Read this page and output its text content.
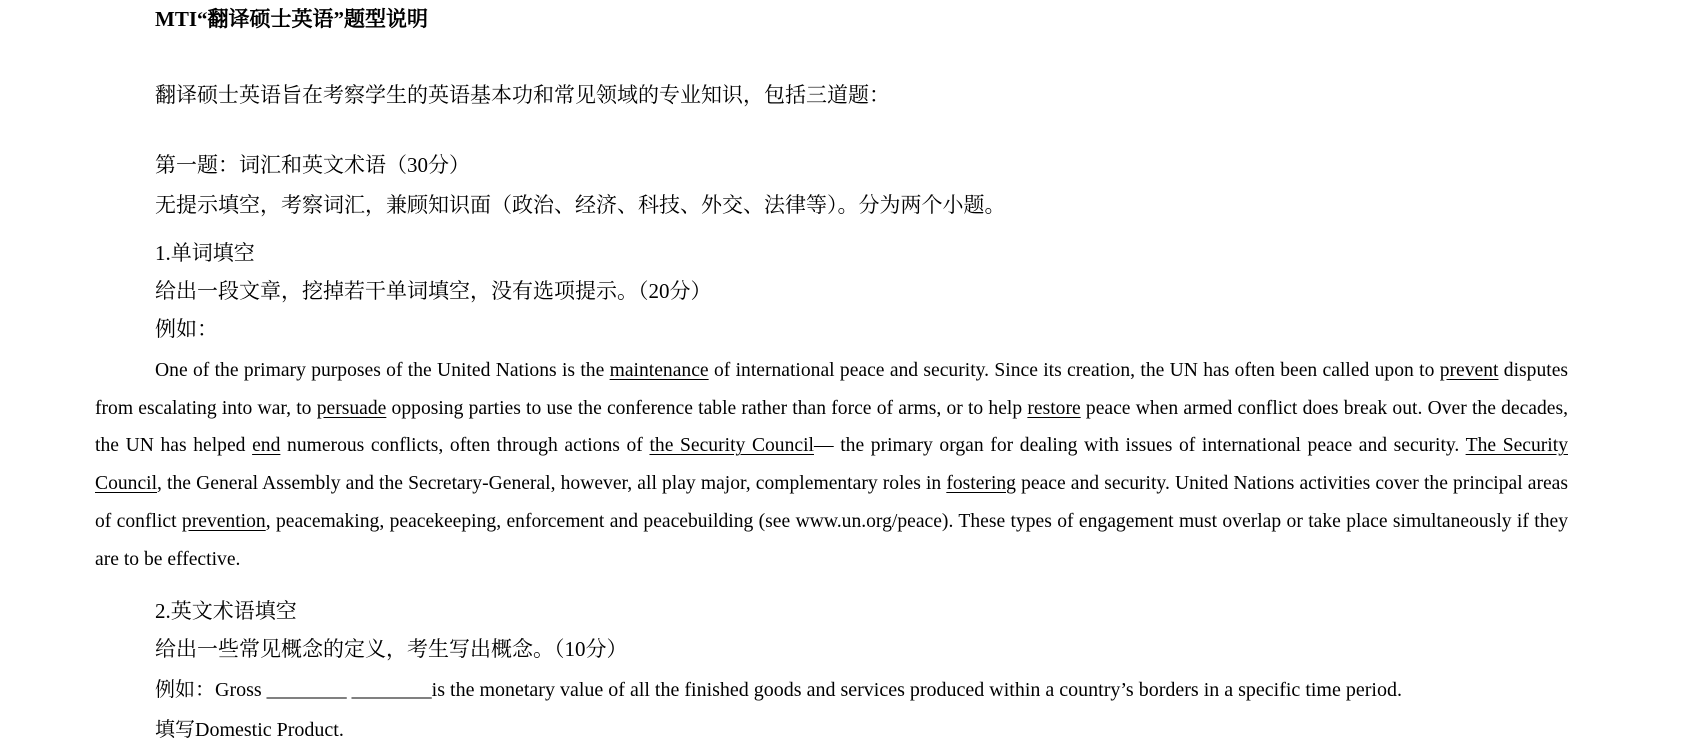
MTI“翻译硕士英语”题型说明

翻译硕士英语旨在考察学生的英语基本功和常见领域的专业知识，包括三道题：

第一题：词汇和英文术语（30分）

无提示填空，考察词汇，兼顾知识面（政治、经济、科技、外交、法律等）。分为两个小题。

1.单词填空

给出一段文章，挖掉若干单词填空，没有选项提示。（20分）

例如：

One of the primary purposes of the United Nations is the maintenance of international peace and security. Since its creation, the UN has often been called upon to prevent disputes from escalating into war, to persuade opposing parties to use the conference table rather than force of arms, or to help restore peace when armed conflict does break out. Over the decades, the UN has helped end numerous conflicts, often through actions of the Security Council— the primary organ for dealing with issues of international peace and security. The Security Council, the General Assembly and the Secretary-General, however, all play major, complementary roles in fostering peace and security. United Nations activities cover the principal areas of conflict prevention, peacemaking, peacekeeping, enforcement and peacebuilding (see www.un.org/peace). These types of engagement must overlap or take place simultaneously if they are to be effective.

2.英文术语填空

给出一些常见概念的定义，考生写出概念。（10分）

例如：Gross ________ ________is the monetary value of all the finished goods and services produced within a country’s borders in a specific time period.

填写Domestic Product.
